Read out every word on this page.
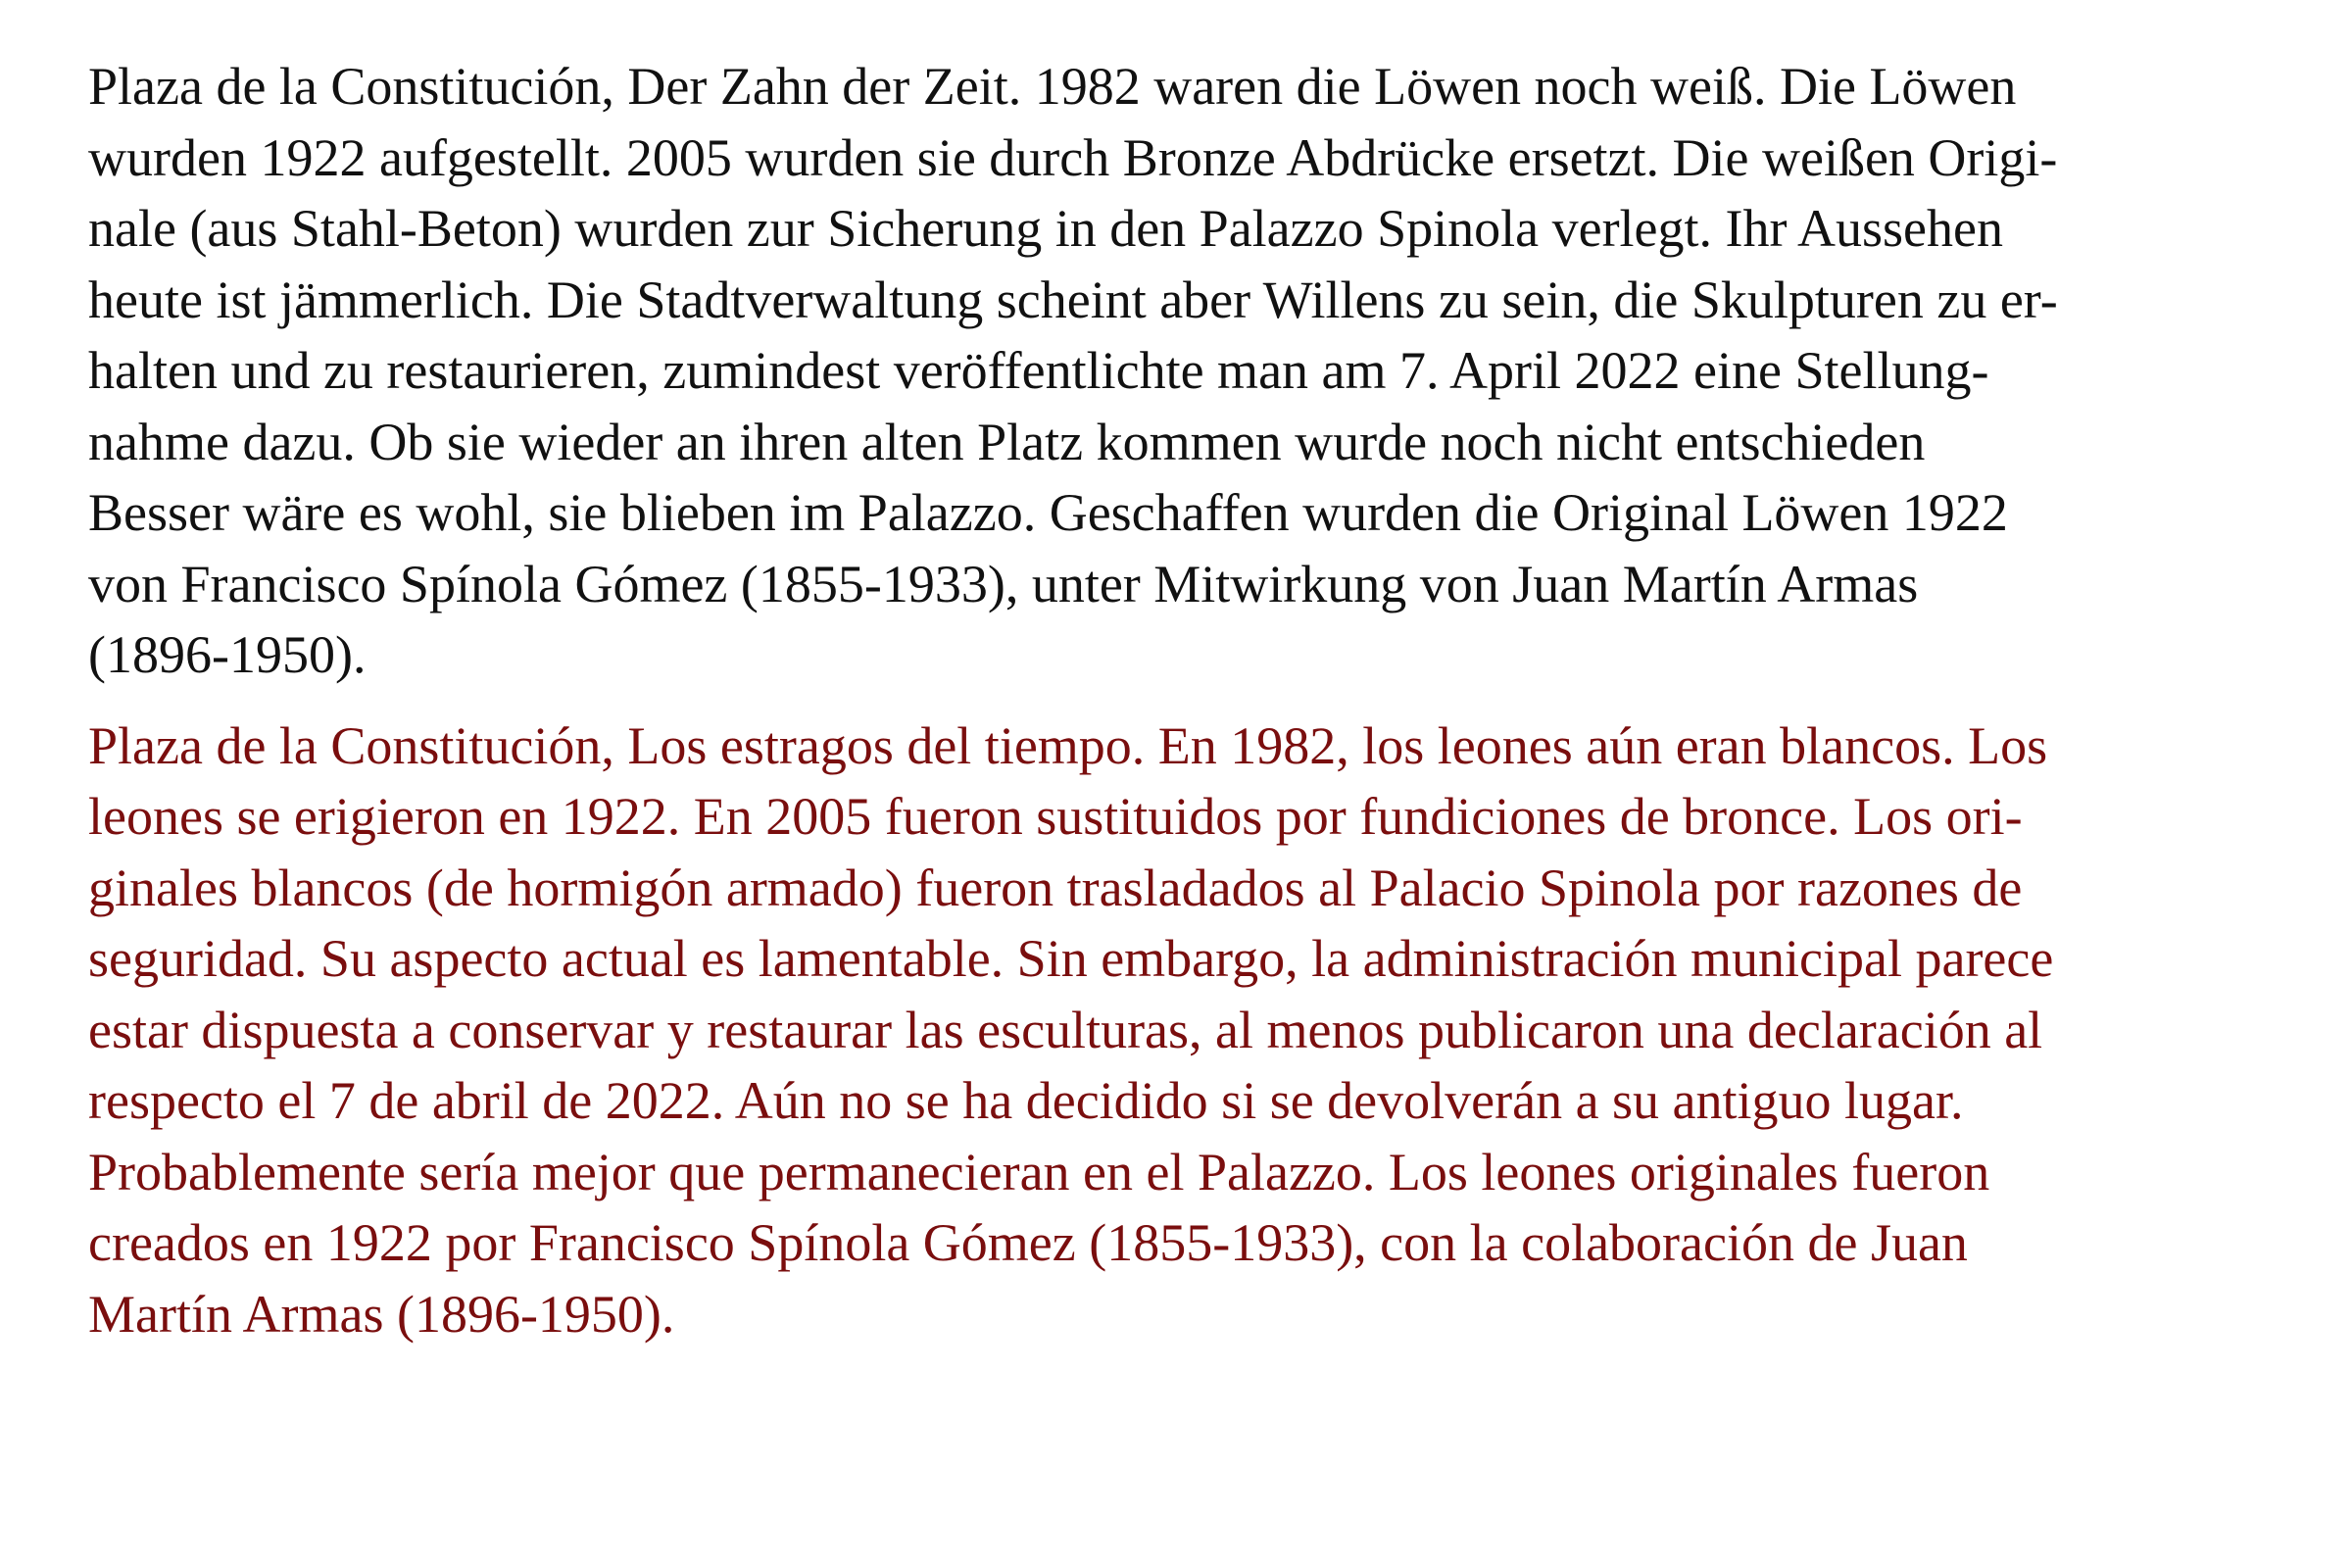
Plaza de la Constitución, Der Zahn der Zeit. 1982 waren die Löwen noch weiß. Die Löwen
wurden 1922 aufgestellt. 2005 wurden sie durch Bronze Abdrücke ersetzt. Die weißen Origi-
nale (aus Stahl-Beton) wurden zur Sicherung in den Palazzo Spinola verlegt. Ihr Aussehen
heute ist jämmerlich. Die Stadtverwaltung scheint aber Willens zu sein, die Skulpturen zu er-
halten und zu restaurieren, zumindest veröffentlichte man am 7. April 2022 eine Stellung-
nahme dazu. Ob sie wieder an ihren alten Platz kommen wurde noch nicht entschieden
Besser wäre es wohl, sie blieben im Palazzo. Geschaffen wurden die Original Löwen 1922
von Francisco Spínola Gómez (1855-1933), unter Mitwirkung von Juan Martín Armas
(1896-1950).

Plaza de la Constitución, Los estragos del tiempo. En 1982, los leones aún eran blancos. Los
leones se erigieron en 1922. En 2005 fueron sustituidos por fundiciones de bronce. Los ori-
ginales blancos (de hormigón armado) fueron trasladados al Palacio Spinola por razones de
seguridad. Su aspecto actual es lamentable. Sin embargo, la administración municipal parece
estar dispuesta a conservar y restaurar las esculturas, al menos publicaron una declaración al
respecto el 7 de abril de 2022. Aún no se ha decidido si se devolverán a su antiguo lugar.
Probablemente sería mejor que permanecieran en el Palazzo. Los leones originales fueron
creados en 1922 por Francisco Spínola Gómez (1855-1933), con la colaboración de Juan
Martín Armas (1896-1950).
